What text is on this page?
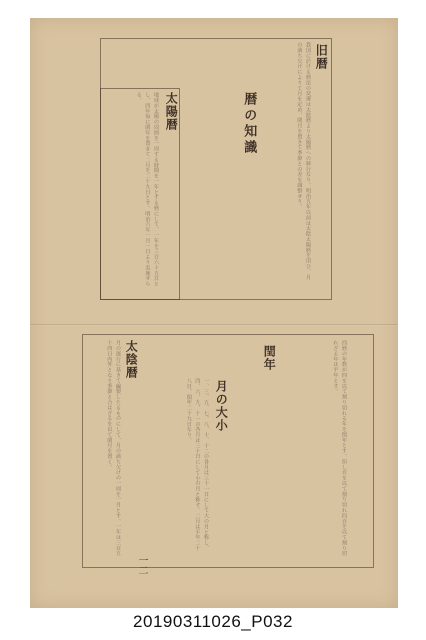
暦の知識
旧暦
我国に於ける暦法の変遷は太陰暦より太陽暦への移行なり。明治五年以前は太陰太陽暦を用ひ、月の満ち欠けによりて月を定め、閏月を置きて季節との差を調整せり。
太陽暦
地球が太陽の周囲を一周する時間を一年とする暦にして、一年を三百六十五日とし、四年毎に閏年を置きて二月を二十九日とす。明治六年一月一日より実施せらる。
閏年	西暦の年数が四を以て割り切れる年を閏年とす。但し百を以て割り切れ四百を以て割り切れざる年は平年とす。
月の大小
一、三、五、七、八、十、十二の各月は三十一日にして大の月と称し、四、六、九、十一の各月は三十日にして小の月と称す。二月は平年二十八日、閏年二十九日なり。
太陰暦
月の運行に基きて編製したるものにして、月の満ち欠けの一周を一月とす。一年は三百五十四日内外となり季節と合はざるを以て閏月を置く。
一二
20190311026_P032
